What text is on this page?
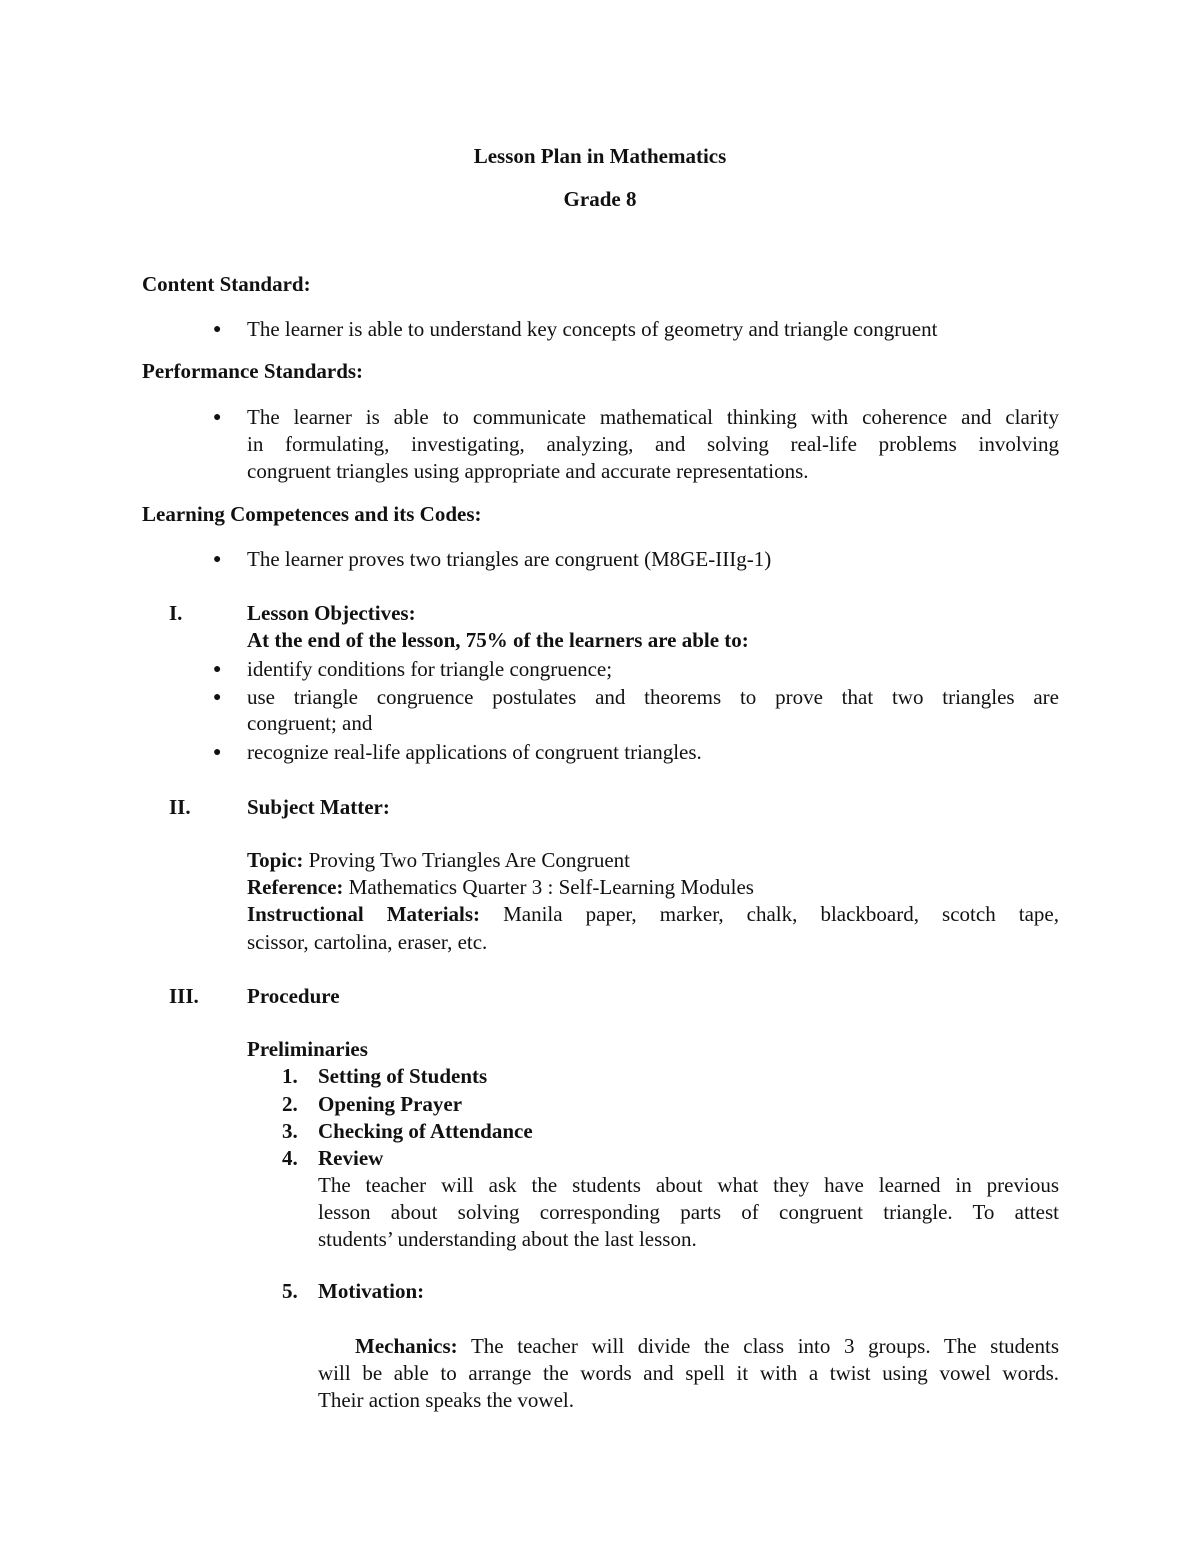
Lesson Plan in Mathematics
Grade 8
Content Standard:
● The learner is able to understand key concepts of geometry and triangle congruent
Performance Standards:
● The learner is able to communicate mathematical thinking with coherence and clarity
in formulating, investigating, analyzing, and solving real-life problems involving
congruent triangles using appropriate and accurate representations.
Learning Competences and its Codes:
● The learner proves two triangles are congruent (M8GE-IIIg-1)
I.	Lesson Objectives:
At the end of the lesson, 75% of the learners are able to:
● identify conditions for triangle congruence;
● use triangle congruence postulates and theorems to prove that two triangles are
congruent; and
● recognize real-life applications of congruent triangles.
II.	Subject Matter:
Topic: Proving Two Triangles Are Congruent
Reference: Mathematics Quarter 3 : Self-Learning Modules
Instructional Materials: Manila paper, marker, chalk, blackboard, scotch tape,
scissor, cartolina, eraser, etc.
III. Procedure
Preliminaries
1. Setting of Students
2. Opening Prayer
3. Checking of Attendance
4. Review
The teacher will ask the students about what they have learned in previous
lesson about solving corresponding parts of congruent triangle. To attest
students’ understanding about the last lesson.
5. Motivation:
Mechanics: The teacher will divide the class into 3 groups. The students
will be able to arrange the words and spell it with a twist using vowel words.
Their action speaks the vowel.
